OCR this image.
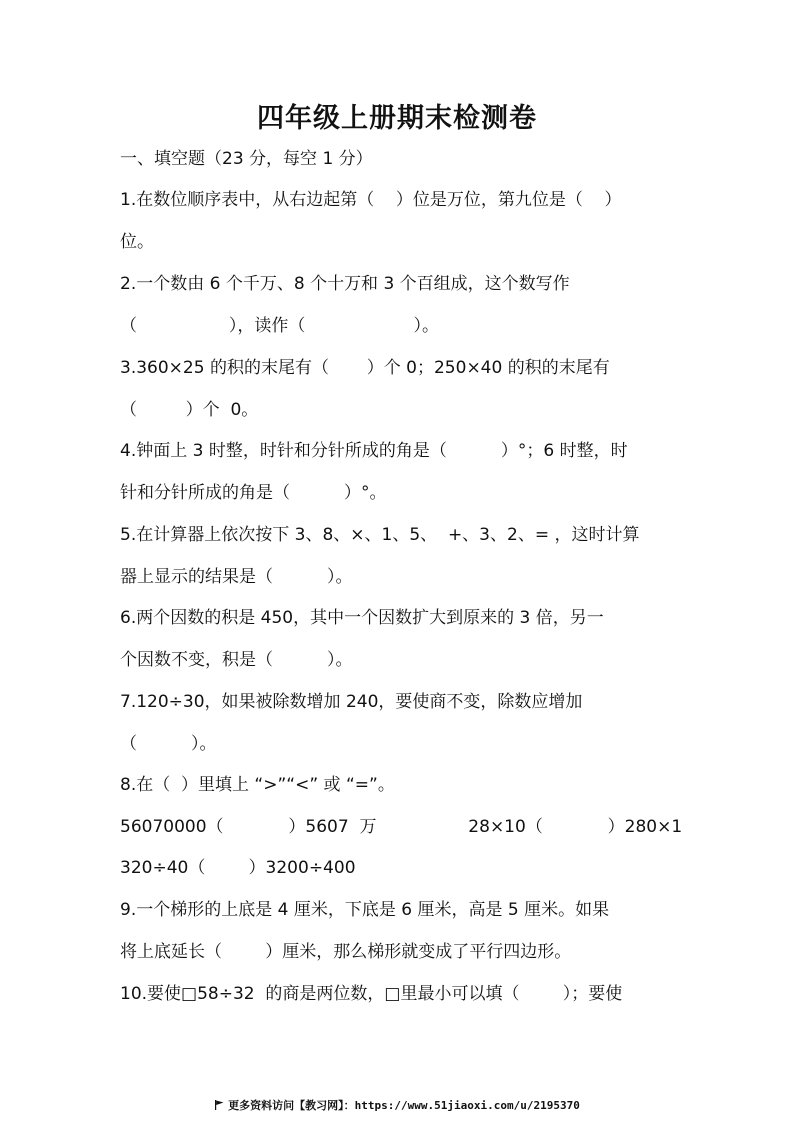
四年级上册期末检测卷
一、填空题（23 分，每空 1 分）
1.在数位顺序表中，从右边起第（    ）位是万位，第九位是（    ）
位。
2.一个数由 6 个千万、8 个十万和 3 个百组成，这个数写作
（                 ），读作（                    ）。
3.360×25 的积的末尾有（       ）个 0；250×40 的积的末尾有
（         ）个  0。
4.钟面上 3 时整，时针和分针所成的角是（          ）°；6 时整，时
针和分针所成的角是（          ）°。
5.在计算器上依次按下 3、8、×、1、5、  +、3、2、= ，这时计算
器上显示的结果是（          ）。
6.两个因数的积是 450，其中一个因数扩大到原来的 3 倍，另一
个因数不变，积是（          ）。
7.120÷30，如果被除数增加 240，要使商不变，除数应增加
（          ）。
8.在（  ）里填上 “>”“<” 或 “=”。
56070000（            ）5607  万                 28×10（            ）280×1
320÷40（        ）3200÷400
9.一个梯形的上底是 4 厘米，下底是 6 厘米，高是 5 厘米。如果
将上底延长（        ）厘米，那么梯形就变成了平行四边形。
10.要使□58÷32  的商是两位数，□里最小可以填（        ）；要使
更多资料访问【教习网】：https://www.51jiaoxi.com/u/2195370
